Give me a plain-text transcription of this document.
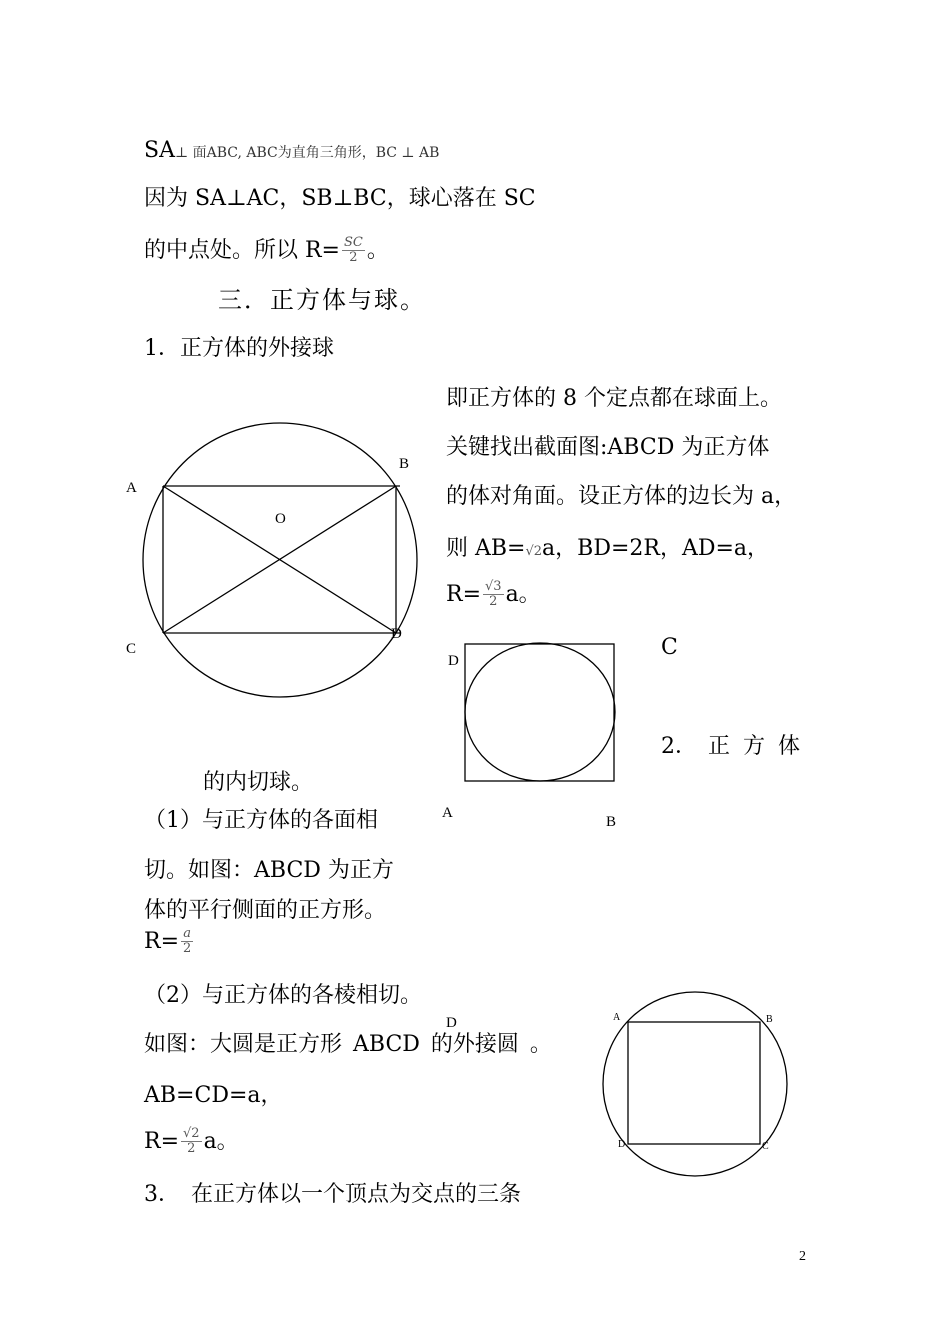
SA⊥ 面ABC, ABC为直角三角形，BC ⊥ AB
因为 SA⊥AC，SB⊥BC，球心落在 SC
的中点处。所以 $R= \frac{SC}{2}$ 。
三．正方体与球。
1．正方体的外接球
即正方体的 8 个定点都在球面上。
关键找出截面图:ABCD 为正方体
的体对角面。设正方体的边长为 a，
则 AB=√2a，BD=2R，AD=a，
$R= \frac{√3}{2}$ a。
A
B
C
D
O
D
A
B
C
2．　正 方 体
的内切球。
（1）与正方体的各面相
切。如图：ABCD 为正方
体的平行侧面的正方形。
$R= \frac{a}{2}$
（2）与正方体的各棱相切。
D
如图：大圆是正方形 ABCD 的外接圆 。
AB=CD=a，
$R= \frac{√2}{2}$ a。
A	B
C
D
3．　在正方体以一个顶点为交点的三条
2
